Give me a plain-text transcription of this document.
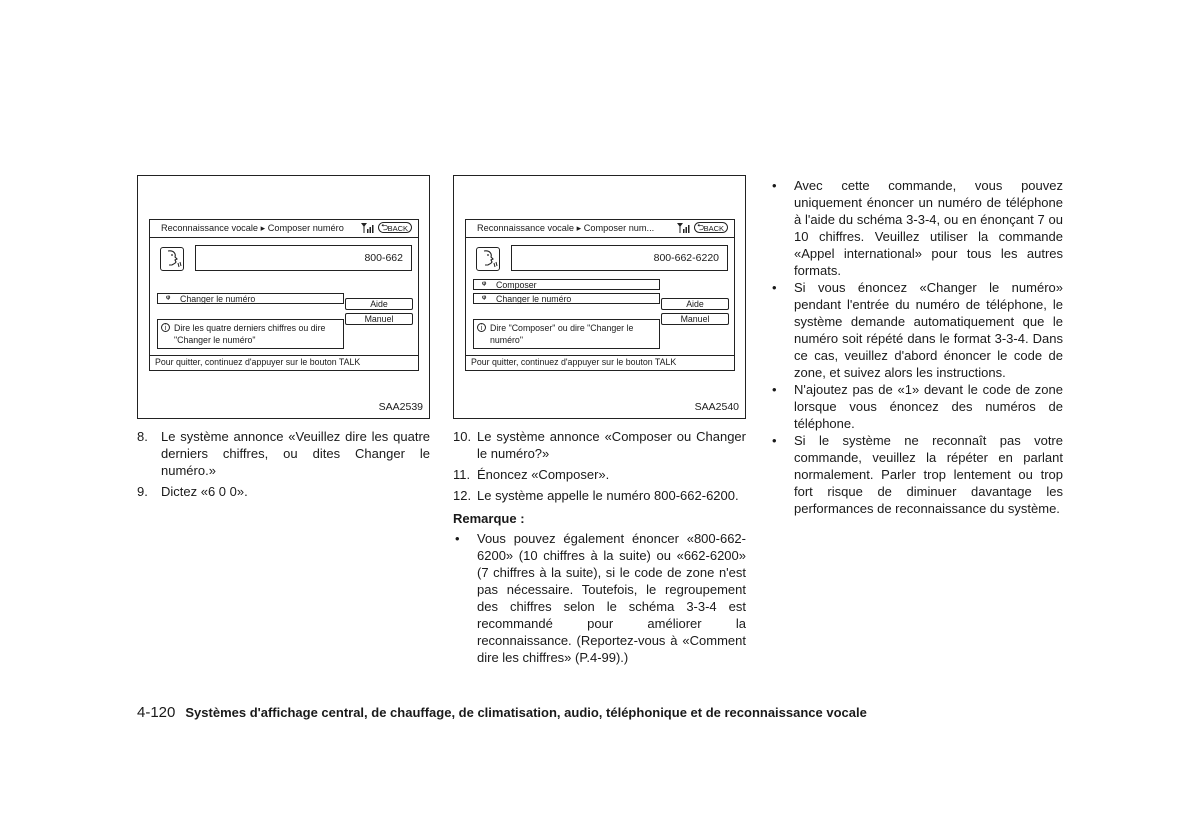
Reconnaissance vocale ▸ Composer numéro	⮌ BACK
800-662
ᵠ Changer le numéro	Aide
Manuel
i Dire les quatre derniers chiffres ou dire "Changer le numéro"
Pour quitter, continuez d'appuyer sur le bouton TALK
SAA2539
Reconnaissance vocale ▸ Composer num...	⮌ BACK
800-662-6220
ᵠ Composer
ᵠ Changer le numéro	Aide
Manuel
i Dire "Composer" ou dire "Changer le numéro"
Pour quitter, continuez d'appuyer sur le bouton TALK
SAA2540
8. Le système annonce «Veuillez dire les quatre derniers chiffres, ou dites Changer le numéro.»
9. Dictez «6 0 0».
10. Le système annonce «Composer ou Changer le numéro?»
11. Énoncez «Composer».
12. Le système appelle le numéro 800-662-6200.
Remarque :
• Vous pouvez également énoncer «800-662-6200» (10 chiffres à la suite) ou «662-6200» (7 chiffres à la suite), si le code de zone n'est pas nécessaire. Toutefois, le regroupement des chiffres selon le schéma 3-3-4 est recommandé pour améliorer la reconnaissance. (Reportez-vous à «Comment dire les chiffres» (P.4-99).)
• Avec cette commande, vous pouvez uniquement énoncer un numéro de téléphone à l'aide du schéma 3-3-4, ou en énonçant 7 ou 10 chiffres. Veuillez utiliser la commande «Appel international» pour tous les autres formats.
• Si vous énoncez «Changer le numéro» pendant l'entrée du numéro de téléphone, le système demande automatiquement que le numéro soit répété dans le format 3-3-4. Dans ce cas, veuillez d'abord énoncer le code de zone, et suivez alors les instructions.
• N'ajoutez pas de «1» devant le code de zone lorsque vous énoncez des numéros de téléphone.
• Si le système ne reconnaît pas votre commande, veuillez la répéter en parlant normalement. Parler trop lentement ou trop fort risque de diminuer davantage les performances de reconnaissance du système.
4-120 Systèmes d'affichage central, de chauffage, de climatisation, audio, téléphonique et de reconnaissance vocale
